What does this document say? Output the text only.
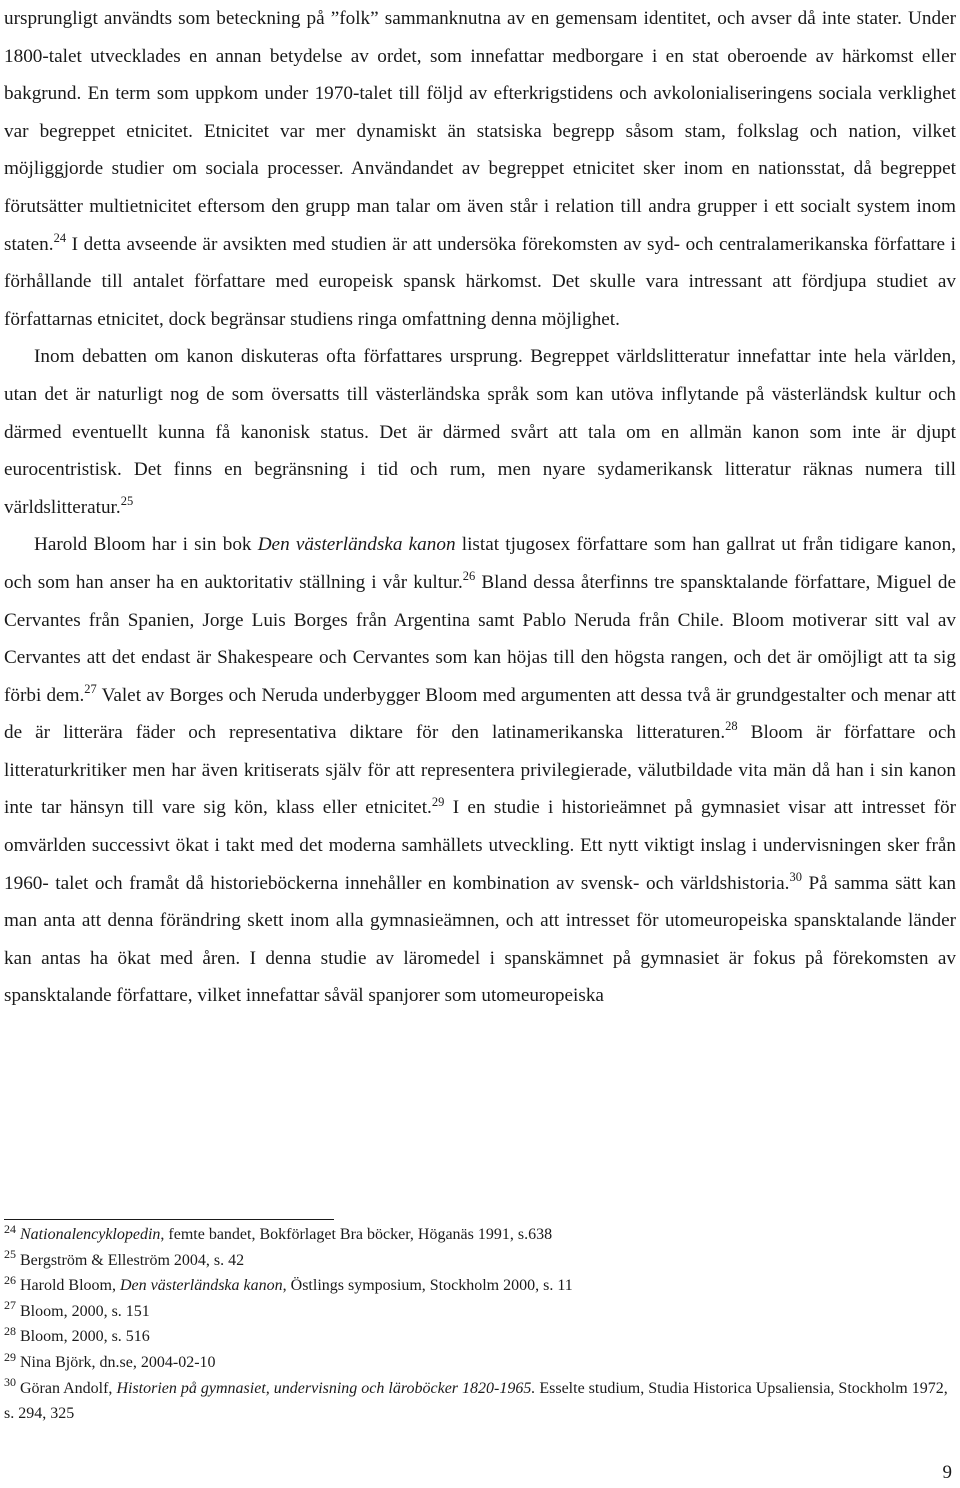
ursprungligt användts som beteckning på ”folk” sammanknutna av en gemensam identitet, och avser då inte stater. Under 1800-talet utvecklades en annan betydelse av ordet, som innefattar medborgare i en stat oberoende av härkomst eller bakgrund. En term som uppkom under 1970-talet till följd av efterkrigstidens och avkolonialiseringens sociala verklighet var begreppet etnicitet. Etnicitet var mer dynamiskt än statsiska begrepp såsom stam, folkslag och nation, vilket möjliggjorde studier om sociala processer. Användandet av begreppet etnicitet sker inom en nationsstat, då begreppet förutsätter multietnicitet eftersom den grupp man talar om även står i relation till andra grupper i ett socialt system inom staten.$^{24}$ I detta avseende är avsikten med studien är att undersöka förekomsten av syd- och centralamerikanska författare i förhållande till antalet författare med europeisk spansk härkomst. Det skulle vara intressant att fördjupa studiet av författarnas etnicitet, dock begränsar studiens ringa omfattning denna möjlighet.

Inom debatten om kanon diskuteras ofta författares ursprung. Begreppet världslitteratur innefattar inte hela världen, utan det är naturligt nog de som översatts till västerländska språk som kan utöva inflytande på västerländsk kultur och därmed eventuellt kunna få kanonisk status. Det är därmed svårt att tala om en allmän kanon som inte är djupt eurocentristisk. Det finns en begränsning i tid och rum, men nyare sydamerikansk litteratur räknas numera till världslitteratur.$^{25}$

Harold Bloom har i sin bok Den västerländska kanon listat tjugosex författare som han gallrat ut från tidigare kanon, och som han anser ha en auktoritativ ställning i vår kultur.$^{26}$ Bland dessa återfinns tre spansktalande författare, Miguel de Cervantes från Spanien, Jorge Luis Borges från Argentina samt Pablo Neruda från Chile. Bloom motiverar sitt val av Cervantes att det endast är Shakespeare och Cervantes som kan höjas till den högsta rangen, och det är omöjligt att ta sig förbi dem.$^{27}$ Valet av Borges och Neruda underbygger Bloom med argumenten att dessa två är grundgestalter och menar att de är litterära fäder och representativa diktare för den latinamerikanska litteraturen.$^{28}$ Bloom är författare och litteraturkritiker men har även kritiserats själv för att representera privilegierade, välutbildade vita män då han i sin kanon inte tar hänsyn till vare sig kön, klass eller etnicitet.$^{29}$ I en studie i historieämnet på gymnasiet visar att intresset för omvärlden successivt ökat i takt med det moderna samhällets utveckling. Ett nytt viktigt inslag i undervisningen sker från 1960- talet och framåt då historieböckerna innehåller en kombination av svensk- och världshistoria.$^{30}$ På samma sätt kan man anta att denna förändring skett inom alla gymnasieämnen, och att intresset för utomeuropeiska spansktalande länder kan antas ha ökat med åren. I denna studie av läromedel i spanskämnet på gymnasiet är fokus på förekomsten av spansktalande författare, vilket innefattar såväl spanjorer som utomeuropeiska

$^{24}$ Nationalencyklopedin, femte bandet, Bokförlaget Bra böcker, Höganäs 1991, s.638

$^{25}$ Bergström & Elleström 2004, s. 42

$^{26}$ Harold Bloom, Den västerländska kanon, Östlings symposium, Stockholm 2000, s. 11

$^{27}$ Bloom, 2000, s. 151

$^{28}$ Bloom, 2000, s. 516

$^{29}$ Nina Björk, dn.se, 2004-02-10

$^{30}$ Göran Andolf, Historien på gymnasiet, undervisning och läroböcker 1820-1965. Esselte studium, Studia Historica Upsaliensia, Stockholm 1972, s. 294, 325

9
